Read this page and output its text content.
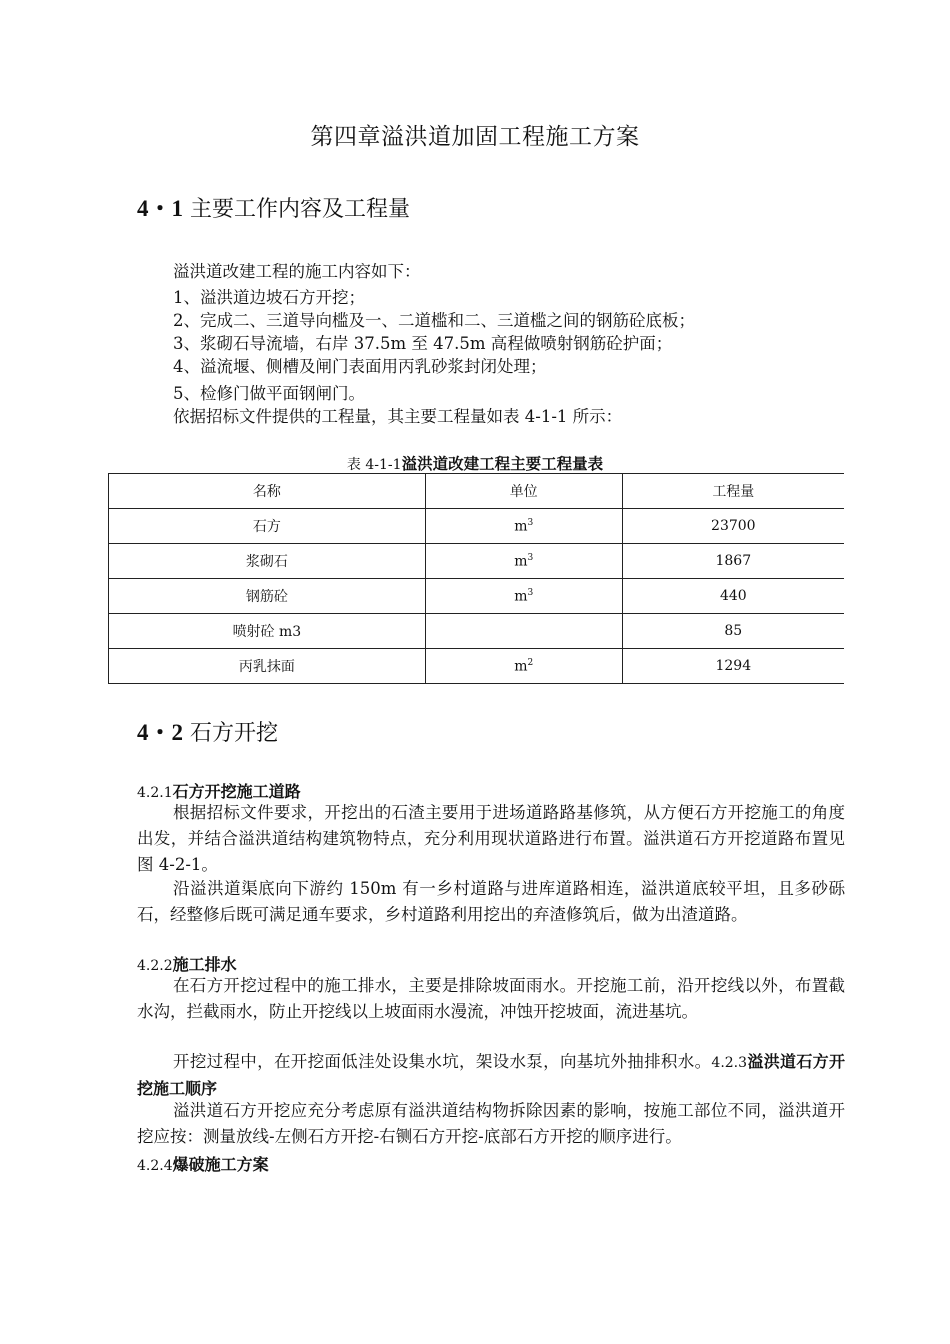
第四章溢洪道加固工程施工方案
4・1 主要工作内容及工程量
溢洪道改建工程的施工内容如下：
1、溢洪道边坡石方开挖；
2、完成二、三道导向槛及一、二道槛和二、三道槛之间的钢筋砼底板；
3、浆砌石导流墙，右岸 37.5m 至 47.5m 高程做喷射钢筋砼护面；
4、溢流堰、侧槽及闸门表面用丙乳砂浆封闭处理；
5、检修门做平面钢闸门。
依据招标文件提供的工程量，其主要工程量如表 4-1-1 所示：
表 4-1-1溢洪道改建工程主要工程量表
名称	单位	工程量
石方	$m^3$	23700
浆砌石	$m^3$	1867
钢筋砼	$m^3$	440
喷射砼 m3		85
丙乳抹面	$m^2$	1294
4・2 石方开挖
4.2.1石方开挖施工道路
根据招标文件要求，开挖出的石渣主要用于进场道路路基修筑，从方便石方开挖施工的角度出发，并结合溢洪道结构建筑物特点，充分利用现状道路进行布置。溢洪道石方开挖道路布置见图 4-2-1。
沿溢洪道渠底向下游约 150m 有一乡村道路与进库道路相连，溢洪道底较平坦，且多砂砾石，经整修后既可满足通车要求，乡村道路利用挖出的弃渣修筑后，做为出渣道路。
4.2.2施工排水
在石方开挖过程中的施工排水，主要是排除坡面雨水。开挖施工前，沿开挖线以外，布置截水沟，拦截雨水，防止开挖线以上坡面雨水漫流，冲蚀开挖坡面，流进基坑。
开挖过程中，在开挖面低洼处设集水坑，架设水泵，向基坑外抽排积水。4.2.3溢洪道石方开挖施工顺序
溢洪道石方开挖应充分考虑原有溢洪道结构物拆除因素的影响，按施工部位不同，溢洪道开挖应按：测量放线-左侧石方开挖-右铡石方开挖-底部石方开挖的顺序进行。
4.2.4爆破施工方案
